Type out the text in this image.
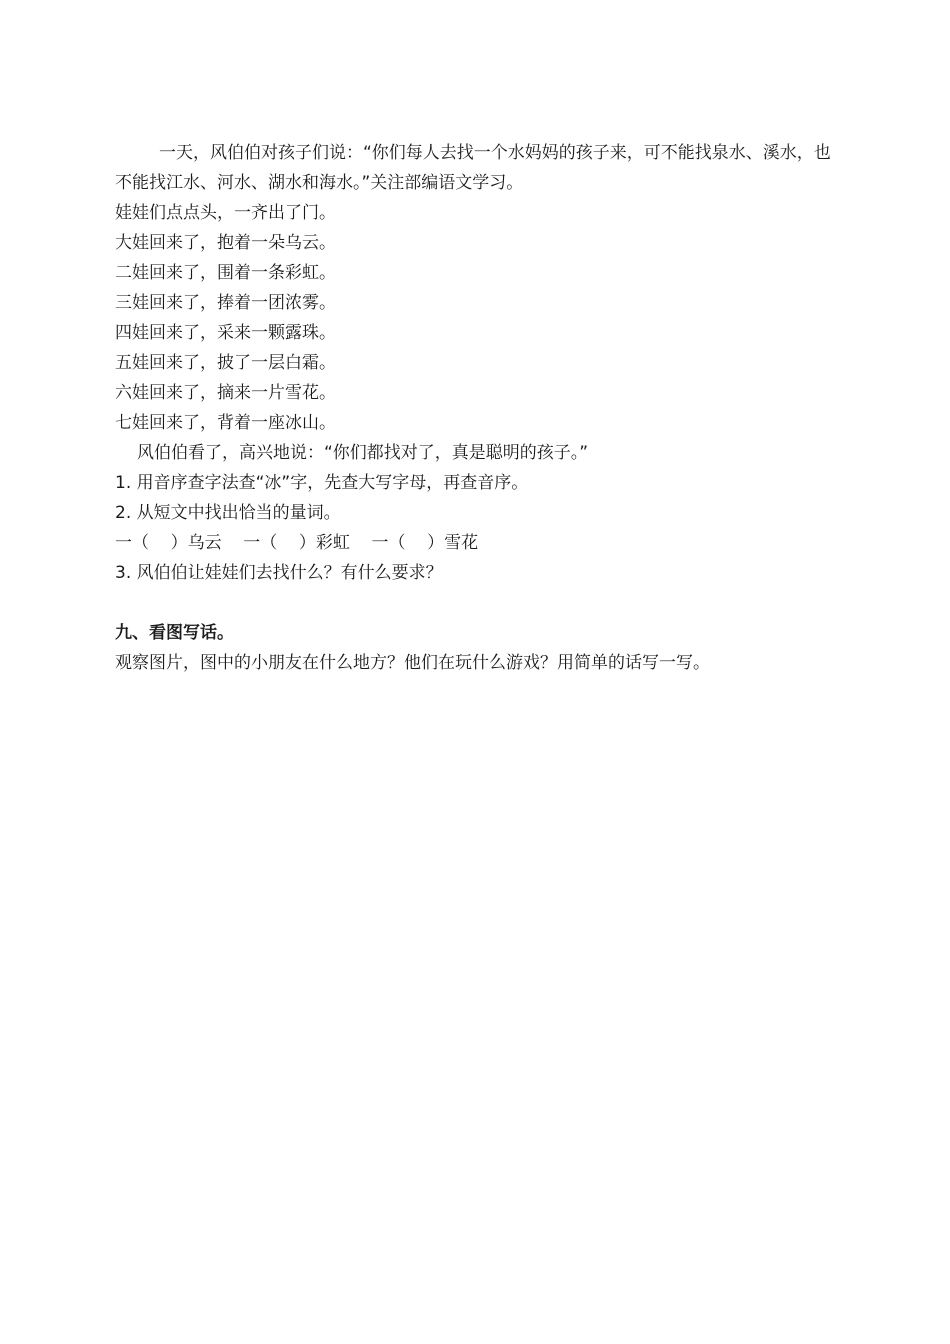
一天，风伯伯对孩子们说：“你们每人去找一个水妈妈的孩子来，可不能找泉水、溪水，也不能找江水、河水、湖水和海水。”关注部编语文学习。

娃娃们点点头，一齐出了门。

大娃回来了，抱着一朵乌云。

二娃回来了，围着一条彩虹。

三娃回来了，捧着一团浓雾。

四娃回来了，采来一颗露珠。

五娃回来了，披了一层白霜。

六娃回来了，摘来一片雪花。

七娃回来了，背着一座冰山。

风伯伯看了，高兴地说：“你们都找对了，真是聪明的孩子。”

1. 用音序查字法查“冰”字，先查大写字母，再查音序。

2. 从短文中找出恰当的量词。

一（    ）乌云    一（    ）彩虹    一（    ）雪花

3. 风伯伯让娃娃们去找什么？有什么要求？

九、看图写话。

观察图片，图中的小朋友在什么地方？他们在玩什么游戏？用简单的话写一写。
